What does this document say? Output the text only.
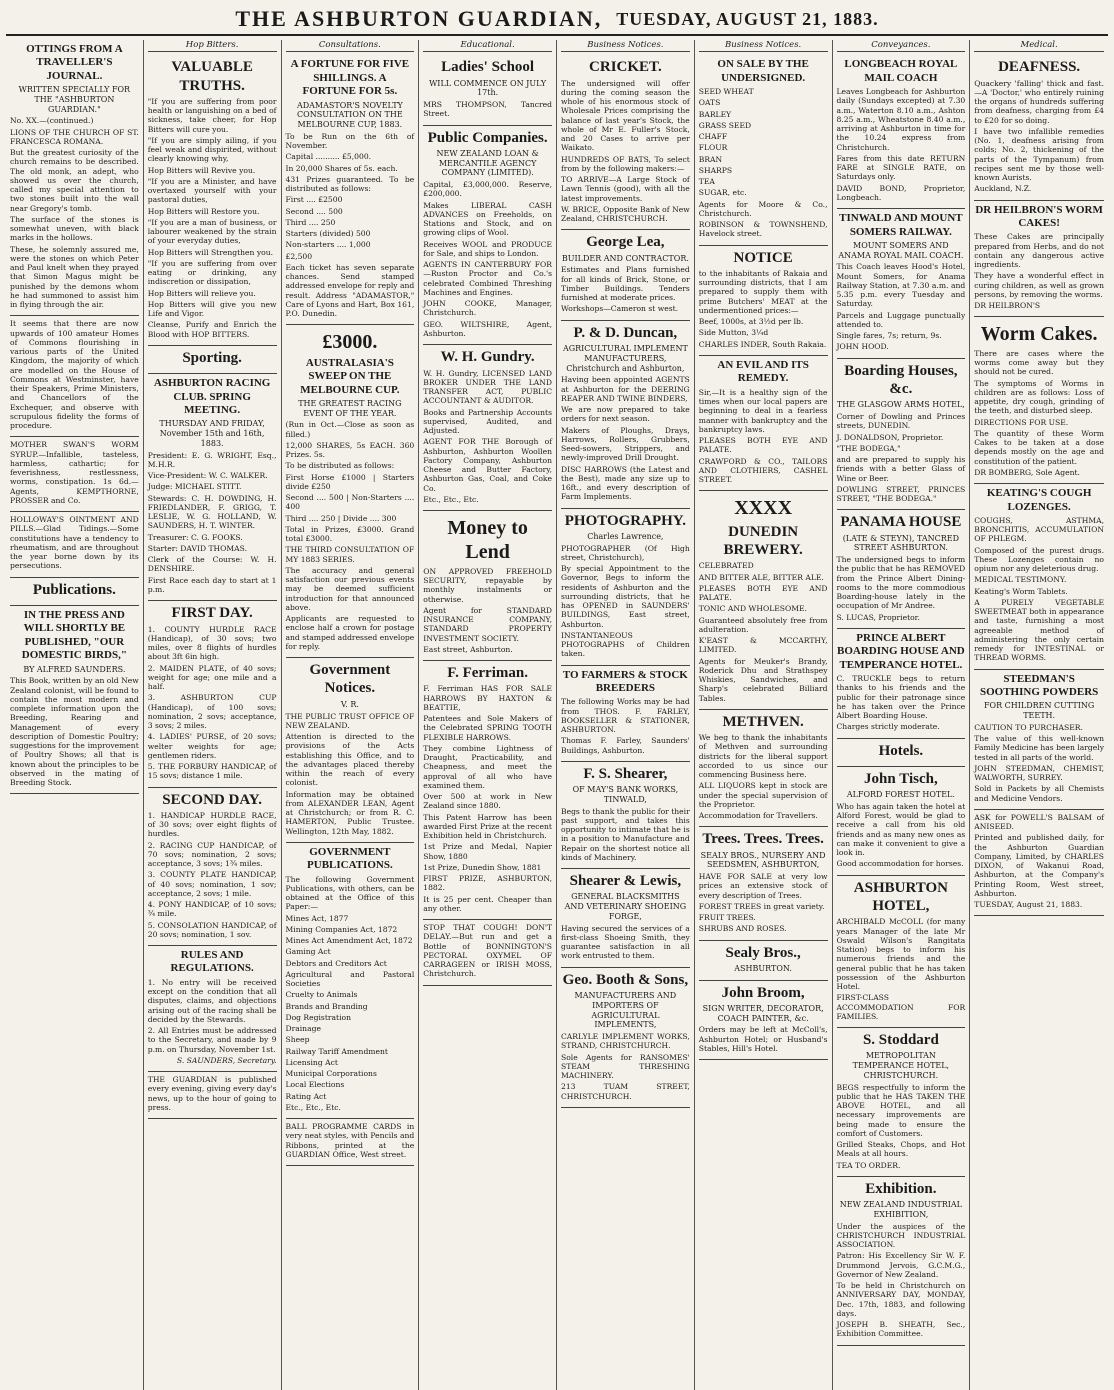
THE ASHBURTON GUARDIAN, TUESDAY, AUGUST 21, 1883.
OTTINGS FROM A TRAVELLER'S JOURNAL.
WRITTEN SPECIALLY FOR THE "ASHBURTON GUARDIAN."

No. XX.—(continued.)

LIONS OF THE CHURCH OF ST. FRANCESCA ROMANA.

But the greatest curiosity of the church remains to be described. The old monk, an adept, who showed us over the church, called my special attention to two stones built into the wall near Gregory's tomb.

The surface of the stones is somewhat uneven, with black marks in the hollows.

These, he solemnly assured me, were the stones on which Peter and Paul knelt when they prayed that Simon Magus might be punished by the demons whom he had summoned to assist him in flying through the air.

It seems that there are now upwards of 100 amateur Homes of Commons flourishing in various parts of the United Kingdom, the majority of which are modelled on the House of Commons at Westminster, have their Speakers, Prime Ministers, and Chancellors of the Exchequer, and observe with scrupulous fidelity the forms of procedure.

MOTHER SWAN'S WORM SYRUP.—Infallible, tasteless, harmless, cathartic; for feverishness, restlessness, worms, constipation. 1s 6d.—Agents, KEMPTHORNE, PROSSER and Co.

HOLLOWAY'S OINTMENT AND PILLS.—Glad Tidings.—Some constitutions have a tendency to rheumatism, and are throughout the year borne down by its persecutions.

Publications.
IN THE PRESS AND WILL SHORTLY BE PUBLISHED, "OUR DOMESTIC BIRDS,"
BY ALFRED SAUNDERS.

This Book, written by an old New Zealand colonist, will be found to contain the most modern and complete information upon the Breeding, Rearing and Management of every description of Domestic Poultry; suggestions for the improvement of Poultry Shows; all that is known about the principles to be observed in the mating of Breeding Stock.

Hop Bitters.
VALUABLE TRUTHS.

"If you are suffering from poor health or languishing on a bed of sickness, take cheer, for Hop Bitters will cure you.

"If you are simply ailing, if you feel weak and dispirited, without clearly knowing why,

Hop Bitters will Revive you.

"If you are a Minister, and have overtaxed yourself with your pastoral duties,

Hop Bitters will Restore you.

"If you are a man of business, or labourer weakened by the strain of your everyday duties,

Hop Bitters will Strengthen you.

"If you are suffering from over eating or drinking, any indiscretion or dissipation,

Hop Bitters will relieve you.

Hop Bitters will give you new Life and Vigor.

Cleanse, Purify and Enrich the Blood with HOP BITTERS.

Sporting.
ASHBURTON RACING CLUB. SPRING MEETING.
THURSDAY AND FRIDAY, November 15th and 16th, 1883.

President: E. G. WRIGHT, Esq., M.H.R.

Vice-President: W. C. WALKER.

Judge: MICHAEL STITT.

Stewards: C. H. DOWDING, H. FRIEDLANDER, F. GRIGG, T. LESLIE, W. G. HOLLAND, W. SAUNDERS, H. T. WINTER.

Treasurer: C. G. FOOKS.

Starter: DAVID THOMAS.

Clerk of the Course: W. H. DENSHIRE.

First Race each day to start at 1 p.m.

FIRST DAY.

1. COUNTY HURDLE RACE (Handicap), of 30 sovs; two miles, over 8 flights of hurdles about 3ft 6in high.

2. MAIDEN PLATE, of 40 sovs; weight for age; one mile and a half.

3. ASHBURTON CUP (Handicap), of 100 sovs; nomination, 2 sovs; acceptance, 3 sovs; 2 miles.

4. LADIES' PURSE, of 20 sovs; welter weights for age; gentlemen riders.

5. THE FORBURY HANDICAP, of 15 sovs; distance 1 mile.

SECOND DAY.

1. HANDICAP HURDLE RACE, of 30 sovs; over eight flights of hurdles.

2. RACING CUP HANDICAP, of 70 sovs; nomination, 2 sovs; acceptance, 3 sovs; 1¾ miles.

3. COUNTY PLATE HANDICAP, of 40 sovs; nomination, 1 sov; acceptance, 2 sovs; 1 mile.

4. PONY HANDICAP, of 10 sovs; ¾ mile.

5. CONSOLATION HANDICAP, of 20 sovs; nomination, 1 sov.

RULES AND REGULATIONS.

1. No entry will be received except on the condition that all disputes, claims, and objections arising out of the racing shall be decided by the Stewards.

2. All Entries must be addressed to the Secretary, and made by 9 p.m. on Thursday, November 1st.

S. SAUNDERS, Secretary.

THE GUARDIAN is published every evening, giving every day's news, up to the hour of going to press.

Consultations.
A FORTUNE FOR FIVE SHILLINGS. A FORTUNE FOR 5s.
ADAMASTOR'S NOVELTY CONSULTATION ON THE MELBOURNE CUP, 1883.

To be Run on the 6th of November.

Capital .......... £5,000.

In 20,000 Shares of 5s. each.

431 Prizes guaranteed. To be distributed as follows:

First .... £2500

Second .... 500

Third .... 250

Starters (divided) 500

Non-starters .... 1,000

£2,500

Each ticket has seven separate chances. Send stamped addressed envelope for reply and result. Address "ADAMASTOR," Care of Lyons and Hart, Box 161, P.O. Dunedin.

£3000.
AUSTRALASIA'S SWEEP ON THE MELBOURNE CUP.
THE GREATEST RACING EVENT OF THE YEAR.

(Run in Oct.—Close as soon as filled.)

12,000 SHARES, 5s EACH. 360 Prizes. 5s.

To be distributed as follows:

First Horse £1000 | Starters divide £250

Second .... 500 | Non-Starters .... 400

Third .... 250 | Divide .... 300

Total in Prizes, £3000. Grand total £3000.

THE THIRD CONSULTATION OF MY 1883 SERIES.

The accuracy and general satisfaction our previous events may be deemed sufficient introduction for that announced above.

Applicants are requested to enclose half a crown for postage and stamped addressed envelope for reply.

Government Notices.
V. R.

THE PUBLIC TRUST OFFICE OF NEW ZEALAND.

Attention is directed to the provisions of the Acts establishing this Office, and to the advantages placed thereby within the reach of every colonist.

Information may be obtained from ALEXANDER LEAN, Agent at Christchurch; or from R. C. HAMERTON, Public Trustee. Wellington, 12th May, 1882.

GOVERNMENT PUBLICATIONS.

The following Government Publications, with others, can be obtained at the Office of this Paper:—

Mines Act, 1877

Mining Companies Act, 1872

Mines Act Amendment Act, 1872

Gaming Act

Debtors and Creditors Act

Agricultural and Pastoral Societies

Cruelty to Animals

Brands and Branding

Dog Registration

Drainage

Sheep

Railway Tariff Amendment

Licensing Act

Municipal Corporations

Local Elections

Rating Act

Etc., Etc., Etc.

BALL PROGRAMME CARDS in very neat styles, with Pencils and Ribbons, printed at the GUARDIAN Office, West street.

Educational.
Ladies' School
WILL COMMENCE ON JULY 17th.

MRS THOMPSON, Tancred Street.

Public Companies.
NEW ZEALAND LOAN & MERCANTILE AGENCY COMPANY (LIMITED).

Capital, £3,000,000. Reserve, £200,000.

Makes LIBERAL CASH ADVANCES on Freeholds, on Stations and Stock, and on growing clips of Wool.

Receives WOOL and PRODUCE for Sale, and ships to London.

AGENTS IN CANTERBURY FOR—Ruston Proctor and Co.'s celebrated Combined Threshing Machines and Engines.

JOHN COOKE, Manager, Christchurch.

GEO. WILTSHIRE, Agent, Ashburton.

W. H. Gundry.

W. H. Gundry, LICENSED LAND BROKER UNDER THE LAND TRANSFER ACT, PUBLIC ACCOUNTANT & AUDITOR.

Books and Partnership Accounts supervised, Audited, and Adjusted.

AGENT FOR THE Borough of Ashburton, Ashburton Woollen Factory Company, Ashburton Cheese and Butter Factory, Ashburton Gas, Coal, and Coke Co.

Etc., Etc., Etc.

Money to Lend

ON APPROVED FREEHOLD SECURITY, repayable by monthly instalments or otherwise.

Agent for STANDARD INSURANCE COMPANY, STANDARD PROPERTY INVESTMENT SOCIETY.

East street, Ashburton.

F. Ferriman.

F. Ferriman HAS FOR SALE HARROWS BY HAXTON & BEATTIE,

Patentees and Sole Makers of the Celebrated SPRING TOOTH FLEXIBLE HARROWS.

They combine Lightness of Draught, Practicability, and Cheapness, and meet the approval of all who have examined them.

Over 500 at work in New Zealand since 1880.

This Patent Harrow has been awarded First Prize at the recent Exhibition held in Christchurch.

1st Prize and Medal, Napier Show, 1880

1st Prize, Dunedin Show, 1881

FIRST PRIZE, ASHBURTON, 1882.

It is 25 per cent. Cheaper than any other.

STOP THAT COUGH! DON'T DELAY.—But run and get a Bottle of BONNINGTON'S PECTORAL OXYMEL OF CARRAGEEN or IRISH MOSS, Christchurch.

Business Notices.
CRICKET.

The undersigned will offer during the coming season the whole of his enormous stock of Wholesale Prices comprising the balance of last year's Stock, the whole of Mr E. Fuller's Stock, and 20 Cases to arrive per Waikato.

HUNDREDS OF BATS, To select from by the following makers:—

TO ARRIVE—A Large Stock of Lawn Tennis (good), with all the latest improvements.

W. BRICE, Opposite Bank of New Zealand, CHRISTCHURCH.

George Lea,
BUILDER AND CONTRACTOR.

Estimates and Plans furnished for all kinds of Brick, Stone, or Timber Buildings. Tenders furnished at moderate prices.

Workshops—Cameron st west.

P. & D. Duncan,
AGRICULTURAL IMPLEMENT MANUFACTURERS, Christchurch and Ashburton,

Having been appointed AGENTS at Ashburton for the DEERING REAPER AND TWINE BINDERS,

We are now prepared to take orders for next season.

Makers of Ploughs, Drays, Harrows, Rollers, Grubbers, Seed-sowers, Strippers, and newly-improved Drill Drought.

DISC HARROWS (the Latest and the Best), made any size up to 16ft., and every description of Farm Implements.

PHOTOGRAPHY.
Charles Lawrence,

PHOTOGRAPHER (Of High street, Christchurch),

By special Appointment to the Governor, Begs to inform the residents of Ashburton and the surrounding districts, that he has OPENED in SAUNDERS' BUILDINGS, East street, Ashburton.

INSTANTANEOUS PHOTOGRAPHS of Children taken.

TO FARMERS & STOCK BREEDERS

The following Works may be had from THOS. F. FARLEY, BOOKSELLER & STATIONER, ASHBURTON.

Thomas F. Farley, Saunders' Buildings, Ashburton.

F. S. Shearer,
OF MAY'S BANK WORKS, TINWALD,

Begs to thank the public for their past support, and takes this opportunity to intimate that he is in a position to Manufacture and Repair on the shortest notice all kinds of Machinery.

Shearer & Lewis,
GENERAL BLACKSMITHS AND VETERINARY SHOEING FORGE,

Having secured the services of a first-class Shoeing Smith, they guarantee satisfaction in all work entrusted to them.

Geo. Booth & Sons,
MANUFACTURERS AND IMPORTERS OF AGRICULTURAL IMPLEMENTS,

CARLYLE IMPLEMENT WORKS, STRAND, CHRISTCHURCH.

Sole Agents for RANSOMES' STEAM THRESHING MACHINERY.

213 TUAM STREET, CHRISTCHURCH.

Business Notices.
ON SALE BY THE UNDERSIGNED.

SEED WHEAT

OATS

BARLEY

GRASS SEED

CHAFF

FLOUR

BRAN

SHARPS

TEA

SUGAR, etc.

Agents for Moore & Co., Christchurch.

ROBINSON & TOWNSHEND, Havelock street.

NOTICE

to the inhabitants of Rakaia and surrounding districts, that I am prepared to supply them with prime Butchers' MEAT at the undermentioned prices:—

Beef, 1000s, at 3½d per lb.

Side Mutton, 3¼d

CHARLES INDER, South Rakaia.

AN EVIL AND ITS REMEDY.

Sir,—It is a healthy sign of the times when our local papers are beginning to deal in a fearless manner with bankruptcy and the bankruptcy laws.

PLEASES BOTH EYE AND PALATE.

CRAWFORD & CO., TAILORS AND CLOTHIERS, CASHEL STREET.

XXXX
DUNEDIN BREWERY.

CELEBRATED

AND BITTER ALE, BITTER ALE.

PLEASES BOTH EYE AND PALATE.

TONIC AND WHOLESOME.

Guaranteed absolutely free from adulteration.

K'EAST & MCCARTHY, LIMITED.

Agents for Meuker's Brandy, Roderick Dhu and Strathspey Whiskies, Sandwiches, and Sharp's celebrated Billiard Tables.

METHVEN.

We beg to thank the inhabitants of Methven and surrounding districts for the liberal support accorded to us since our commencing Business here.

ALL LIQUORS kept in stock are under the special supervision of the Proprietor.

Accommodation for Travellers.

Trees. Trees. Trees.
SEALY BROS., NURSERY AND SEEDSMEN, ASHBURTON,

HAVE FOR SALE at very low prices an extensive stock of every description of Trees.

FOREST TREES in great variety.

FRUIT TREES.

SHRUBS AND ROSES.

Sealy Bros.,
ASHBURTON.
John Broom,
SIGN WRITER, DECORATOR, COACH PAINTER, &c.

Orders may be left at McColl's, Ashburton Hotel; or Husband's Stables, Hill's Hotel.

Conveyances.
LONGBEACH ROYAL MAIL COACH

Leaves Longbeach for Ashburton daily (Sundays excepted) at 7.30 a.m., Waterton 8.10 a.m., Ashton 8.25 a.m., Wheatstone 8.40 a.m., arriving at Ashburton in time for the 10.24 express from Christchurch.

Fares from this date RETURN FARE at SINGLE RATE, on Saturdays only.

DAVID BOND, Proprietor, Longbeach.

TINWALD AND MOUNT SOMERS RAILWAY.
MOUNT SOMERS AND ANAMA ROYAL MAIL COACH.

This Coach leaves Hood's Hotel, Mount Somers, for Anama Railway Station, at 7.30 a.m. and 5.35 p.m. every Tuesday and Saturday.

Parcels and Luggage punctually attended to.

Single fares, 7s; return, 9s.

JOHN HOOD.

Boarding Houses, &c.
THE GLASGOW ARMS HOTEL,

Corner of Dowling and Princes streets, DUNEDIN.

J. DONALDSON, Proprietor.

"THE BODEGA,"

and are prepared to supply his friends with a better Glass of Wine or Beer.

DOWLING STREET, PRINCES STREET, "THE BODEGA."

PANAMA HOUSE
(LATE & STEYN), TANCRED STREET ASHBURTON.

The undersigned begs to inform the public that he has REMOVED from the Prince Albert Dining-rooms to the more commodious Boarding-house lately in the occupation of Mr Andree.

S. LUCAS, Proprietor.

PRINCE ALBERT BOARDING HOUSE AND TEMPERANCE HOTEL.

C. TRUCKLE begs to return thanks to his friends and the public for their patronage since he has taken over the Prince Albert Boarding House.

Charges strictly moderate.

Hotels.
John Tisch,
ALFORD FOREST HOTEL.

Who has again taken the hotel at Alford Forest, would be glad to receive a call from his old friends and as many new ones as can make it convenient to give a look in.

Good accommodation for horses.

ASHBURTON HOTEL,

ARCHIBALD McCOLL (for many years Manager of the late Mr Oswald Wilson's Rangitata Station) begs to inform his numerous friends and the general public that he has taken possession of the Ashburton Hotel.

FIRST-CLASS ACCOMMODATION FOR FAMILIES.

S. Stoddard
METROPOLITAN TEMPERANCE HOTEL, CHRISTCHURCH.

BEGS respectfully to inform the public that he HAS TAKEN THE ABOVE HOTEL, and all necessary improvements are being made to ensure the comfort of Customers.

Grilled Steaks, Chops, and Hot Meals at all hours.

TEA TO ORDER.

Exhibition.
NEW ZEALAND INDUSTRIAL EXHIBITION,

Under the auspices of the CHRISTCHURCH INDUSTRIAL ASSOCIATION.

Patron: His Excellency Sir W. F. Drummond Jervois, G.C.M.G., Governor of New Zealand.

To be held in Christchurch on ANNIVERSARY DAY, MONDAY, Dec. 17th, 1883, and following days.

JOSEPH B. SHEATH, Sec., Exhibition Committee.

Medical.
DEAFNESS.

Quackery 'falling' thick and fast.—A 'Doctor,' who entirely ruining the organs of hundreds suffering from deafness, charging from £4 to £20 for so doing.

I have two infallible remedies (No. 1, deafness arising from colds; No. 2, thickening of the parts of the Tympanum) from recipes sent me by those well-known Aurists.

Auckland, N.Z.

DR HEILBRON'S WORM CAKES!

These Cakes are principally prepared from Herbs, and do not contain any dangerous active ingredients.

They have a wonderful effect in curing children, as well as grown persons, by removing the worms.

DR HEILBRON'S

Worm Cakes.

There are cases where the worms come away but they should not be cured.

The symptoms of Worms in children are as follows: Loss of appetite, dry cough, grinding of the teeth, and disturbed sleep.

DIRECTIONS FOR USE.

The quantity of these Worm Cakes to be taken at a dose depends mostly on the age and constitution of the patient.

DR BOMBERG, Sole Agent.

KEATING'S COUGH LOZENGES.

COUGHS, ASTHMA, BRONCHITIS, ACCUMULATION OF PHLEGM.

Composed of the purest drugs. These Lozenges contain no opium nor any deleterious drug.

MEDICAL TESTIMONY.

Keating's Worm Tablets.

A PURELY VEGETABLE SWEETMEAT both in appearance and taste, furnishing a most agreeable method of administering the only certain remedy for INTESTINAL or THREAD WORMS.

STEEDMAN'S SOOTHING POWDERS
FOR CHILDREN CUTTING TEETH.

CAUTION TO PURCHASER.

The value of this well-known Family Medicine has been largely tested in all parts of the world.

JOHN STEEDMAN, CHEMIST, WALWORTH, SURREY.

Sold in Packets by all Chemists and Medicine Vendors.

ASK for POWELL'S BALSAM of ANISEED.

Printed and published daily, for the Ashburton Guardian Company, Limited, by CHARLES DIXON, of Wakanui Road, Ashburton, at the Company's Printing Room, West street, Ashburton.

TUESDAY, August 21, 1883.
